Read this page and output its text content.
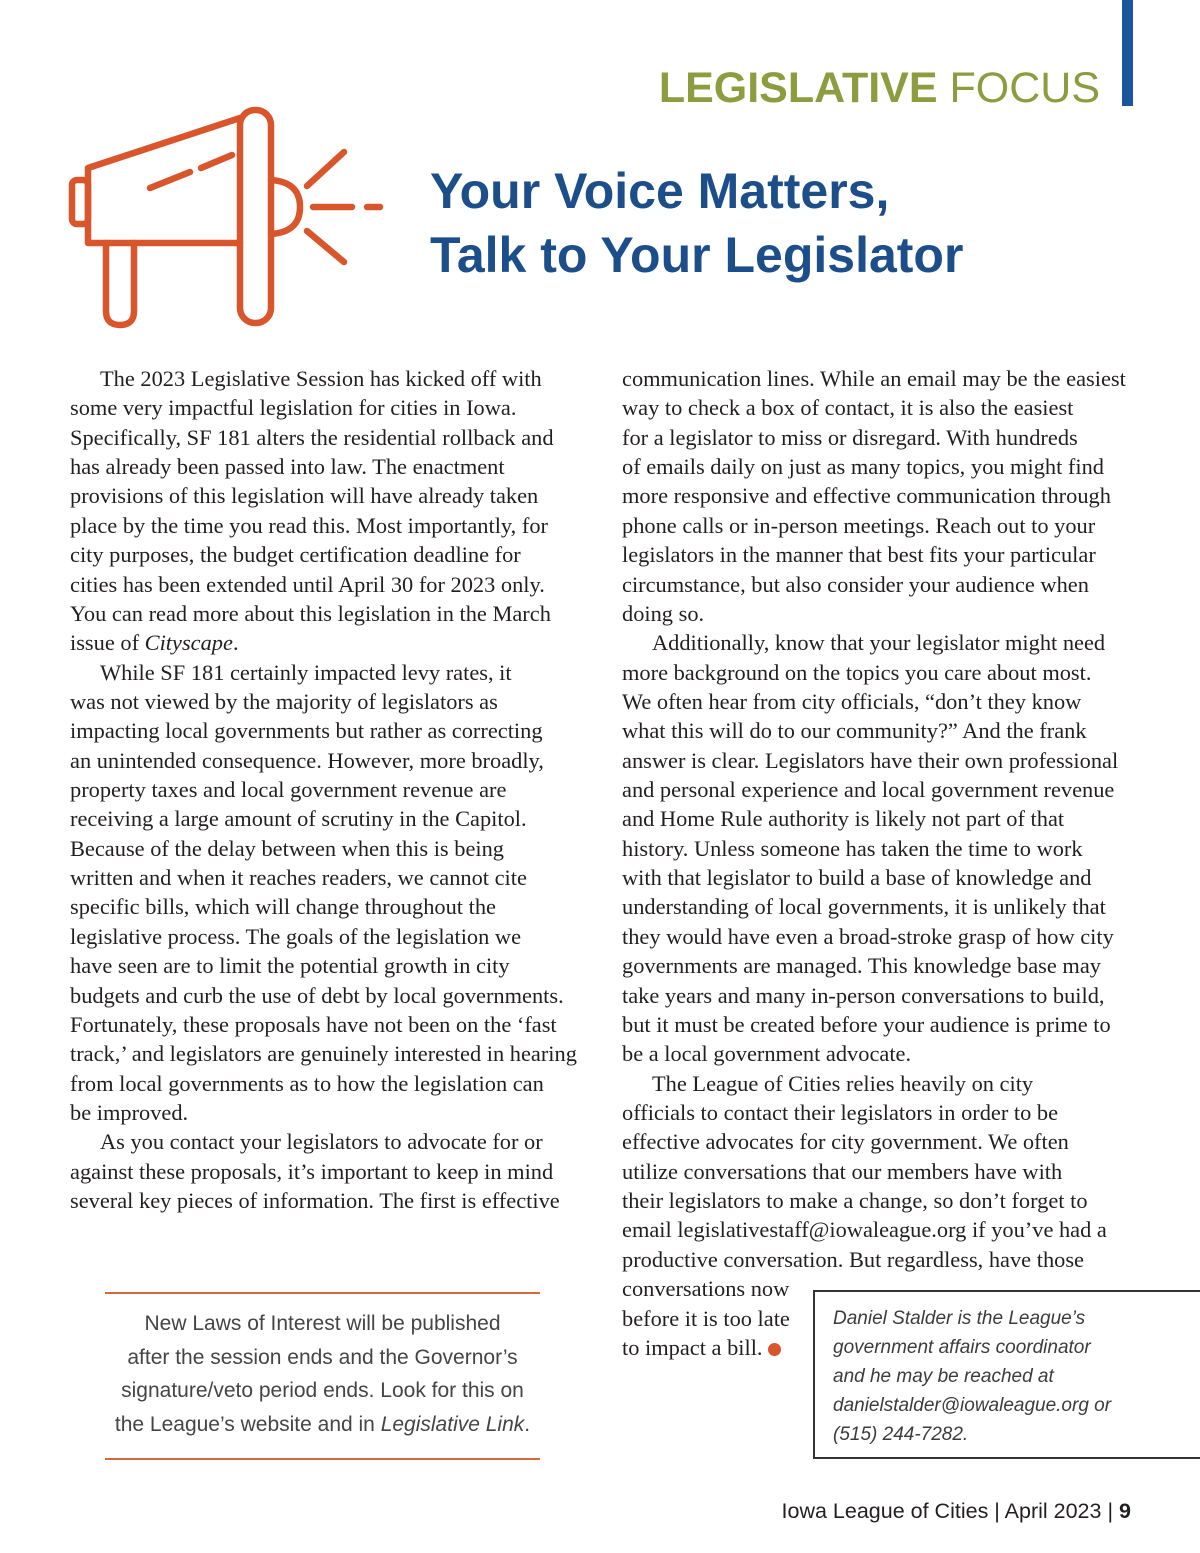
LEGISLATIVE FOCUS
Your Voice Matters,
Talk to Your Legislator
The 2023 Legislative Session has kicked off with
some very impactful legislation for cities in Iowa.
Specifically, SF 181 alters the residential rollback and
has already been passed into law. The enactment
provisions of this legislation will have already taken
place by the time you read this. Most importantly, for
city purposes, the budget certification deadline for
cities has been extended until April 30 for 2023 only.
You can read more about this legislation in the March
issue of Cityscape.
While SF 181 certainly impacted levy rates, it
was not viewed by the majority of legislators as
impacting local governments but rather as correcting
an unintended consequence. However, more broadly,
property taxes and local government revenue are
receiving a large amount of scrutiny in the Capitol.
Because of the delay between when this is being
written and when it reaches readers, we cannot cite
specific bills, which will change throughout the
legislative process. The goals of the legislation we
have seen are to limit the potential growth in city
budgets and curb the use of debt by local governments.
Fortunately, these proposals have not been on the ‘fast
track,’ and legislators are genuinely interested in hearing
from local governments as to how the legislation can
be improved.
As you contact your legislators to advocate for or
against these proposals, it’s important to keep in mind
several key pieces of information. The first is effective
communication lines. While an email may be the easiest
way to check a box of contact, it is also the easiest
for a legislator to miss or disregard. With hundreds
of emails daily on just as many topics, you might find
more responsive and effective communication through
phone calls or in-person meetings. Reach out to your
legislators in the manner that best fits your particular
circumstance, but also consider your audience when
doing so.
Additionally, know that your legislator might need
more background on the topics you care about most.
We often hear from city officials, “don’t they know
what this will do to our community?” And the frank
answer is clear. Legislators have their own professional
and personal experience and local government revenue
and Home Rule authority is likely not part of that
history. Unless someone has taken the time to work
with that legislator to build a base of knowledge and
understanding of local governments, it is unlikely that
they would have even a broad-stroke grasp of how city
governments are managed. This knowledge base may
take years and many in-person conversations to build,
but it must be created before your audience is prime to
be a local government advocate.
The League of Cities relies heavily on city
officials to contact their legislators in order to be
effective advocates for city government. We often
utilize conversations that our members have with
their legislators to make a change, so don’t forget to
email legislativestaff@iowaleague.org if you’ve had a
productive conversation. But regardless, have those
conversations now
before it is too late
to impact a bill.
New Laws of Interest will be published
after the session ends and the Governor’s
signature/veto period ends. Look for this on
the League’s website and in Legislative Link.
Daniel Stalder is the League’s
government affairs coordinator
and he may be reached at
danielstalder@iowaleague.org or
(515) 244-7282.
Iowa League of Cities | April 2023 | 9
